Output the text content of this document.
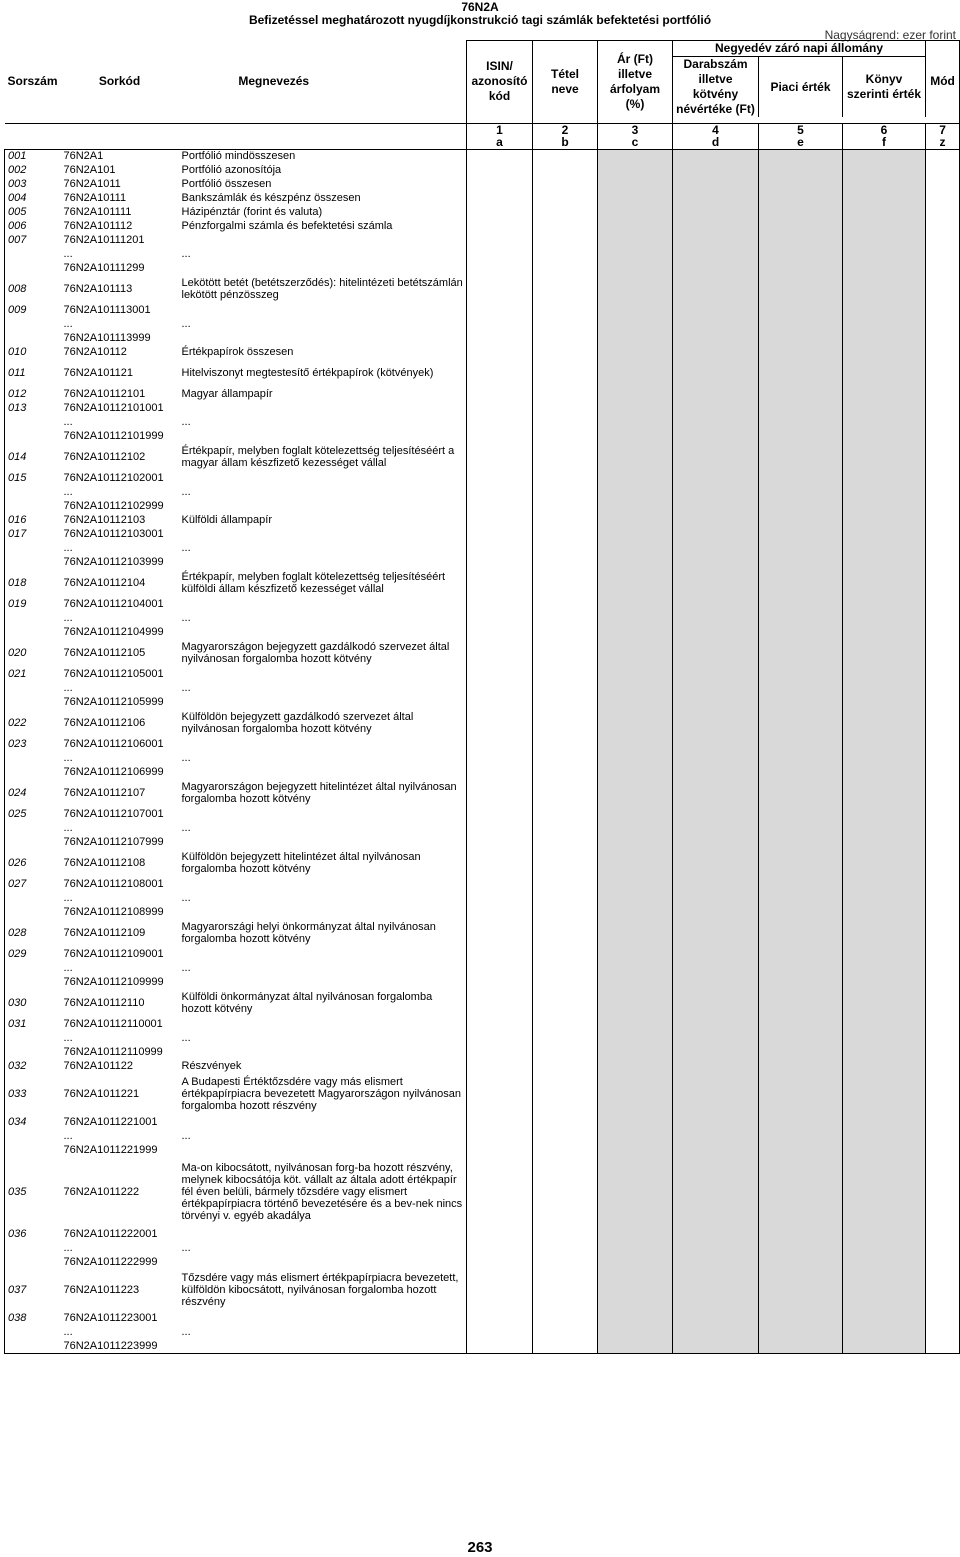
76N2A
Befizetéssel meghatározott nyugdíjkonstrukció tagi számlák befektetési portfólió
Nagyságrend: ezer forint
Sorszám	Sorkód	Megnevezés	ISIN/ azonosító kód	Tétel neve	Ár (Ft) illetve árfolyam (%)	Negyedév záró napi állomány			Mód
						Darabszám illetve kötvény névértéke (Ft)	Piaci érték	Könyv szerinti érték	

			1	2	3	4	5	6	7
			a	b	c	d	e	f	z
001	76N2A1	Portfólió mindösszesen							
002	76N2A101	Portfólió azonosítója							
003	76N2A1011	Portfólió összesen							
004	76N2A10111	Bankszámlák és készpénz összesen							
005	76N2A101111	Házipénztár (forint és valuta)							
006	76N2A101112	Pénzforgalmi számla és befektetési számla							
007	76N2A10111201								
	...	...							
	76N2A10111299								
008	76N2A101113	Lekötött betét (betétszerződés): hitelintézeti betétszámlán lekötött pénzösszeg							
009	76N2A101113001								
	...	...							
	76N2A101113999								
010	76N2A10112	Értékpapírok összesen							
011	76N2A101121	Hitelviszonyt megtestesítő értékpapírok (kötvények)							
012	76N2A10112101	Magyar állampapír							
013	76N2A10112101001								
	...	...							
	76N2A10112101999								
014	76N2A10112102	Értékpapír, melyben foglalt kötelezettség teljesítéséért a magyar állam készfizető kezességet vállal							
015	76N2A10112102001								
	...	...							
	76N2A10112102999								
016	76N2A10112103	Külföldi állampapír							
017	76N2A10112103001								
	...	...							
	76N2A10112103999								
018	76N2A10112104	Értékpapír, melyben foglalt kötelezettség teljesítéséért külföldi állam készfizető kezességet vállal							
019	76N2A10112104001								
	...	...							
	76N2A10112104999								
020	76N2A10112105	Magyarországon bejegyzett gazdálkodó szervezet által nyilvánosan forgalomba hozott kötvény							
021	76N2A10112105001								
	...	...							
	76N2A10112105999								
022	76N2A10112106	Külföldön bejegyzett gazdálkodó szervezet által nyilvánosan forgalomba hozott kötvény							
023	76N2A10112106001								
	...	...							
	76N2A10112106999								
024	76N2A10112107	Magyarországon bejegyzett hitelintézet által nyilvánosan forgalomba hozott kötvény							
025	76N2A10112107001								
	...	...							
	76N2A10112107999								
026	76N2A10112108	Külföldön bejegyzett hitelintézet által nyilvánosan forgalomba hozott kötvény							
027	76N2A10112108001								
	...	...							
	76N2A10112108999								
028	76N2A10112109	Magyarországi helyi önkormányzat által nyilvánosan forgalomba hozott kötvény							
029	76N2A10112109001								
	...	...							
	76N2A10112109999								
030	76N2A10112110	Külföldi önkormányzat által nyilvánosan forgalomba hozott kötvény							
031	76N2A10112110001								
	...	...							
	76N2A10112110999								
032	76N2A101122	Részvények							
033	76N2A1011221	A Budapesti Értéktőzsdére vagy más elismert értékpapírpiacra bevezetett Magyarországon nyilvánosan forgalomba hozott részvény							
034	76N2A1011221001								
	...	...							
	76N2A1011221999								
035	76N2A1011222	Ma-on kibocsátott, nyilvánosan forg-ba hozott részvény, melynek kibocsátója köt. vállalt az általa adott értékpapír fél éven belüli, bármely tőzsdére vagy elismert értékpapírpiacra történő bevezetésére és a bev-nek nincs törvényi v. egyéb akadálya							
036	76N2A1011222001								
	...	...							
	76N2A1011222999								
037	76N2A1011223	Tőzsdére vagy más elismert értékpapírpiacra bevezetett, külföldön kibocsátott, nyilvánosan forgalomba hozott részvény							
038	76N2A1011223001								
	...	...							
	76N2A1011223999								
263
